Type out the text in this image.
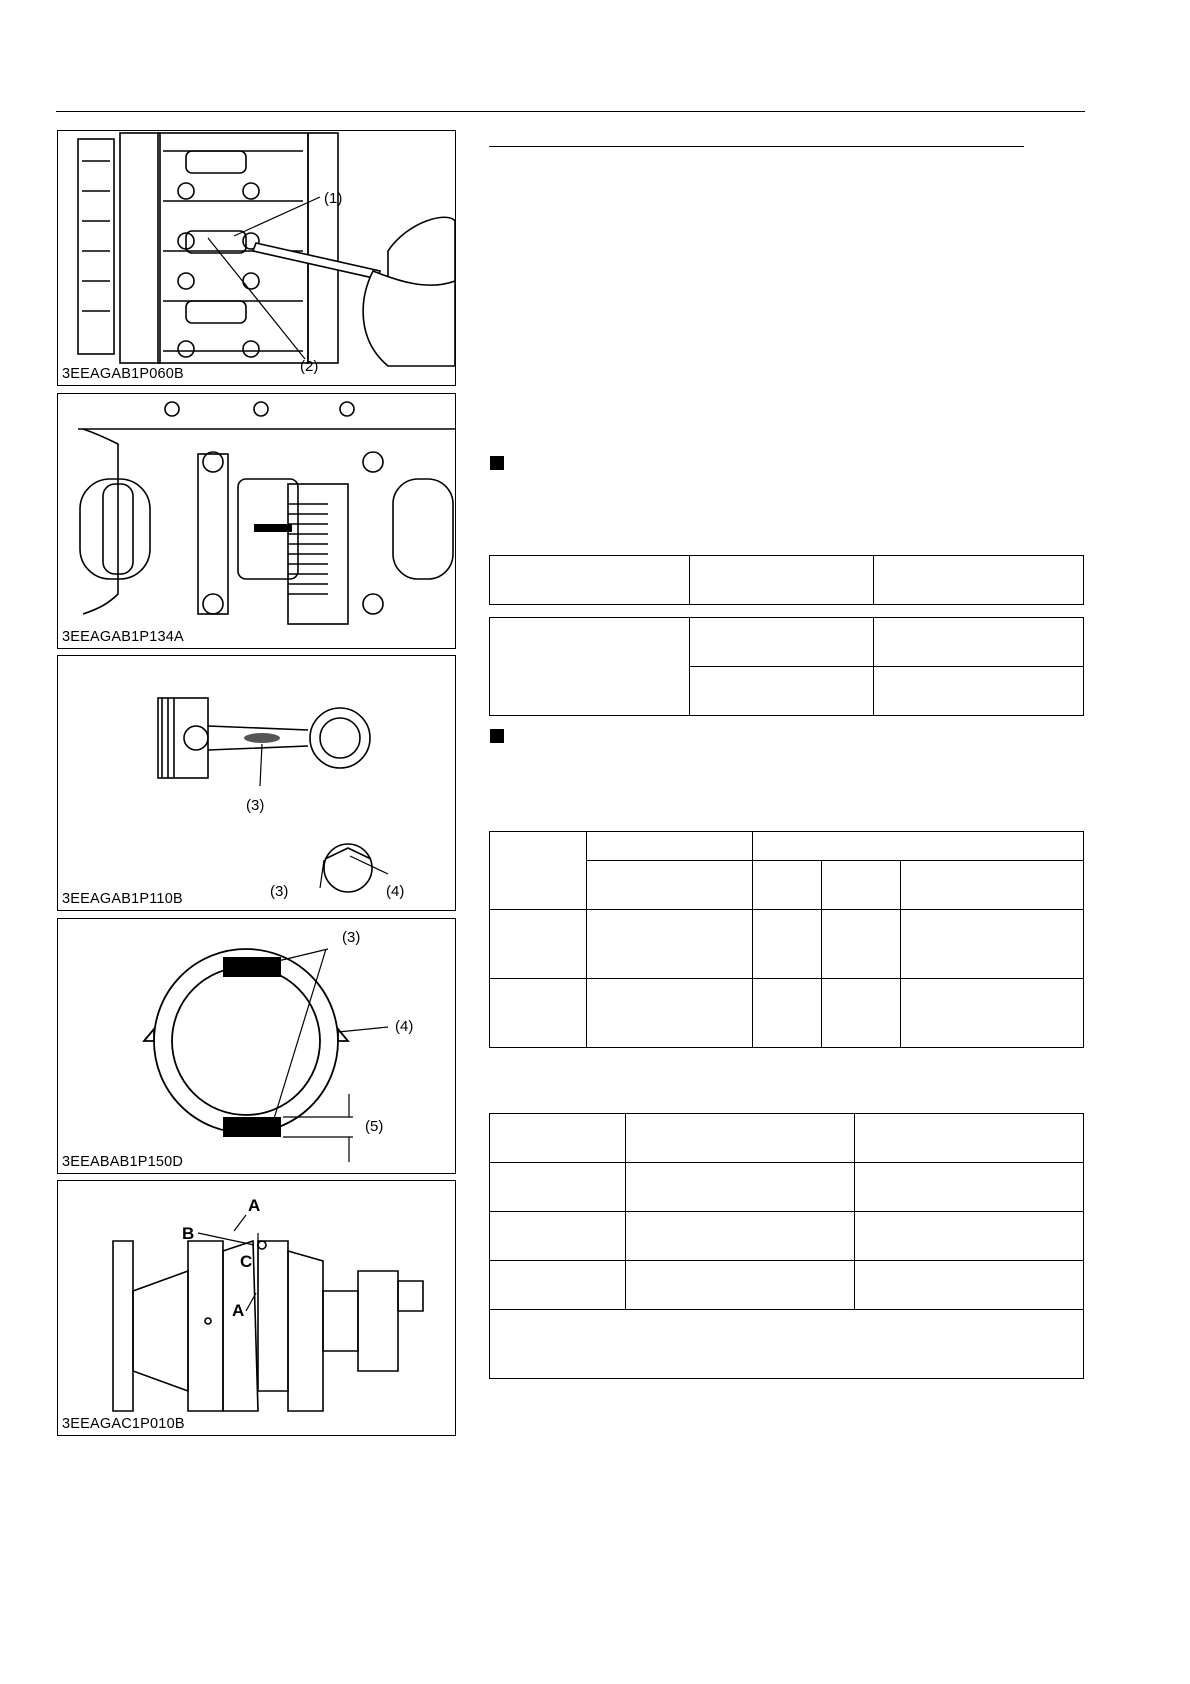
(1)
(2)
3EEAGAB1P060B
3EEAGAB1P134A
(3)
(3)	(4)
3EEAGAB1P110B
(3)
(4)
(5)
3EEABAB1P150D
A
B
C
A
3EEAGAC1P010B
